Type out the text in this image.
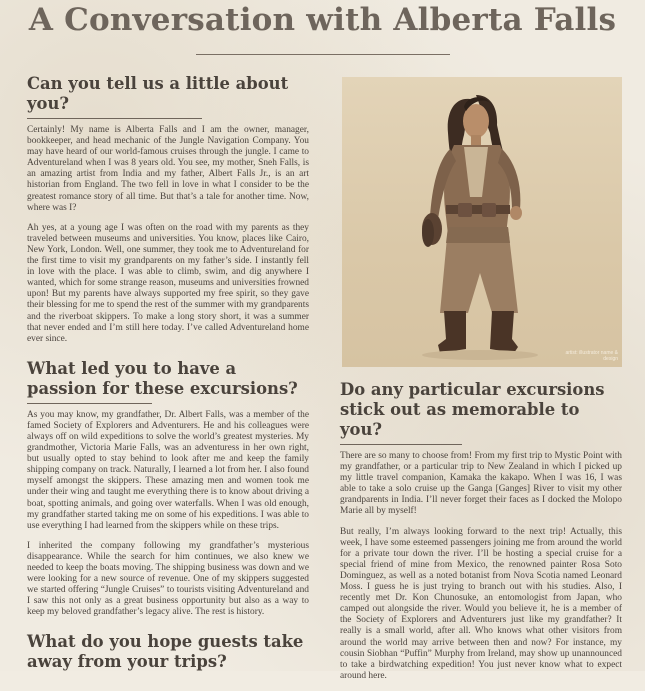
A Conversation with Alberta Falls
Can you tell us a little about you?

Certainly! My name is Alberta Falls and I am the owner, manager, bookkeeper, and head mechanic of the Jungle Navigation Company. You may have heard of our world-famous cruises through the jungle. I came to Adventureland when I was 8 years old. You see, my mother, Sneh Falls, is an amazing artist from India and my father, Albert Falls Jr., is an art historian from England. The two fell in love in what I consider to be the greatest romance story of all time. But that’s a tale for another time. Now, where was I?

Ah yes, at a young age I was often on the road with my parents as they traveled between museums and universities. You know, places like Cairo, New York, London. Well, one summer, they took me to Adventureland for the first time to visit my grandparents on my father’s side. I instantly fell in love with the place. I was able to climb, swim, and dig anywhere I wanted, which for some strange reason, museums and universities frowned upon! But my parents have always supported my free spirit, so they gave their blessing for me to spend the rest of the summer with my grandparents and the riverboat skippers. To make a long story short, it was a summer that never ended and I’m still here today. I’ve called Adventureland home ever since.

What led you to have a passion for these excursions?

As you may know, my grandfather, Dr. Albert Falls, was a member of the famed Society of Explorers and Adventurers. He and his colleagues were always off on wild expeditions to solve the world’s greatest mysteries. My grandmother, Victoria Marie Falls, was an adventuress in her own right, but usually opted to stay behind to look after me and keep the family shipping company on track. Naturally, I learned a lot from her. I also found myself amongst the skippers. These amazing men and women took me under their wing and taught me everything there is to know about driving a boat, spotting animals, and going over waterfalls. When I was old enough, my grandfather started taking me on some of his expeditions. I was able to use everything I had learned from the skippers while on these trips.

I inherited the company following my grandfather’s mysterious disappearance. While the search for him continues, we also knew we needed to keep the boats moving. The shipping business was down and we were looking for a new source of revenue. One of my skippers suggested we started offering “Jungle Cruises” to tourists visiting Adventureland and I saw this not only as a great business opportunity but also as a way to keep my beloved grandfather’s legacy alive. The rest is history.

What do you hope guests take away from your trips?
artist: illustrator name & design
Do any particular excursions stick out as memorable to you?

There are so many to choose from! From my first trip to Mystic Point with my grandfather, or a particular trip to New Zealand in which I picked up my little travel companion, Kamaka the kakapo. When I was 16, I was able to take a solo cruise up the Ganga [Ganges] River to visit my other grandparents in India. I’ll never forget their faces as I docked the Molopo Marie all by myself!

But really, I’m always looking forward to the next trip! Actually, this week, I have some esteemed passengers joining me from around the world for a private tour down the river. I’ll be hosting a special cruise for a special friend of mine from Mexico, the renowned painter Rosa Soto Dominguez, as well as a noted botanist from Nova Scotia named Leonard Moss. I guess he is just trying to branch out with his studies. Also, I recently met Dr. Kon Chunosuke, an entomologist from Japan, who camped out alongside the river. Would you believe it, he is a member of the Society of Explorers and Adventurers just like my grandfather? It really is a small world, after all. Who knows what other visitors from around the world may arrive between then and now? For instance, my cousin Siobhan “Puffin” Murphy from Ireland, may show up unannounced to take a birdwatching expedition! You just never know what to expect around here.
